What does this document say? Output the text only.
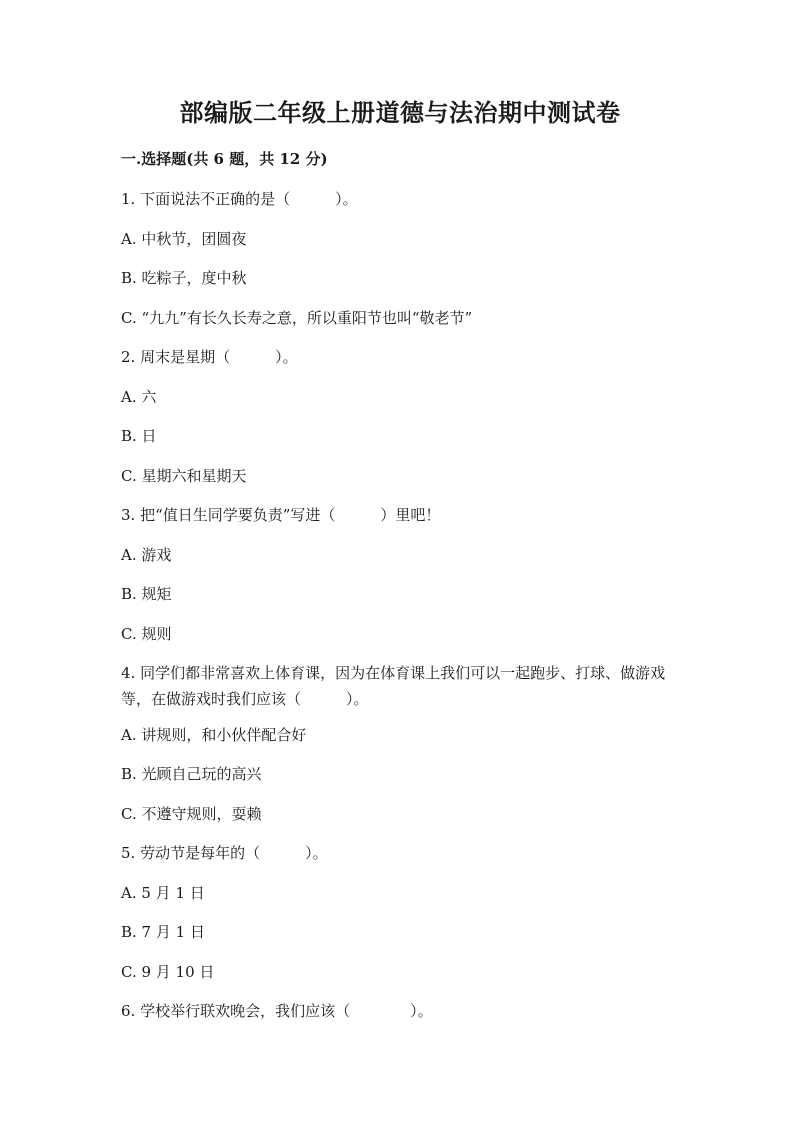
部编版二年级上册道德与法治期中测试卷
一.选择题(共 6 题，共 12 分)
1. 下面说法不正确的是（　　　）。
A. 中秋节，团圆夜
B. 吃粽子，度中秋
C. “九九”有长久长寿之意，所以重阳节也叫“敬老节”
2. 周末是星期（　　　）。
A. 六
B. 日
C. 星期六和星期天
3. 把“值日生同学要负责”写进（　　　）里吧！
A. 游戏
B. 规矩
C. 规则
4. 同学们都非常喜欢上体育课，因为在体育课上我们可以一起跑步、打球、做游戏等，在做游戏时我们应该（　　　）。
A. 讲规则，和小伙伴配合好
B. 光顾自己玩的高兴
C. 不遵守规则，耍赖
5. 劳动节是每年的（　　　）。
A. 5 月 1 日
B. 7 月 1 日
C. 9 月 10 日
6. 学校举行联欢晚会，我们应该（　　　　）。
